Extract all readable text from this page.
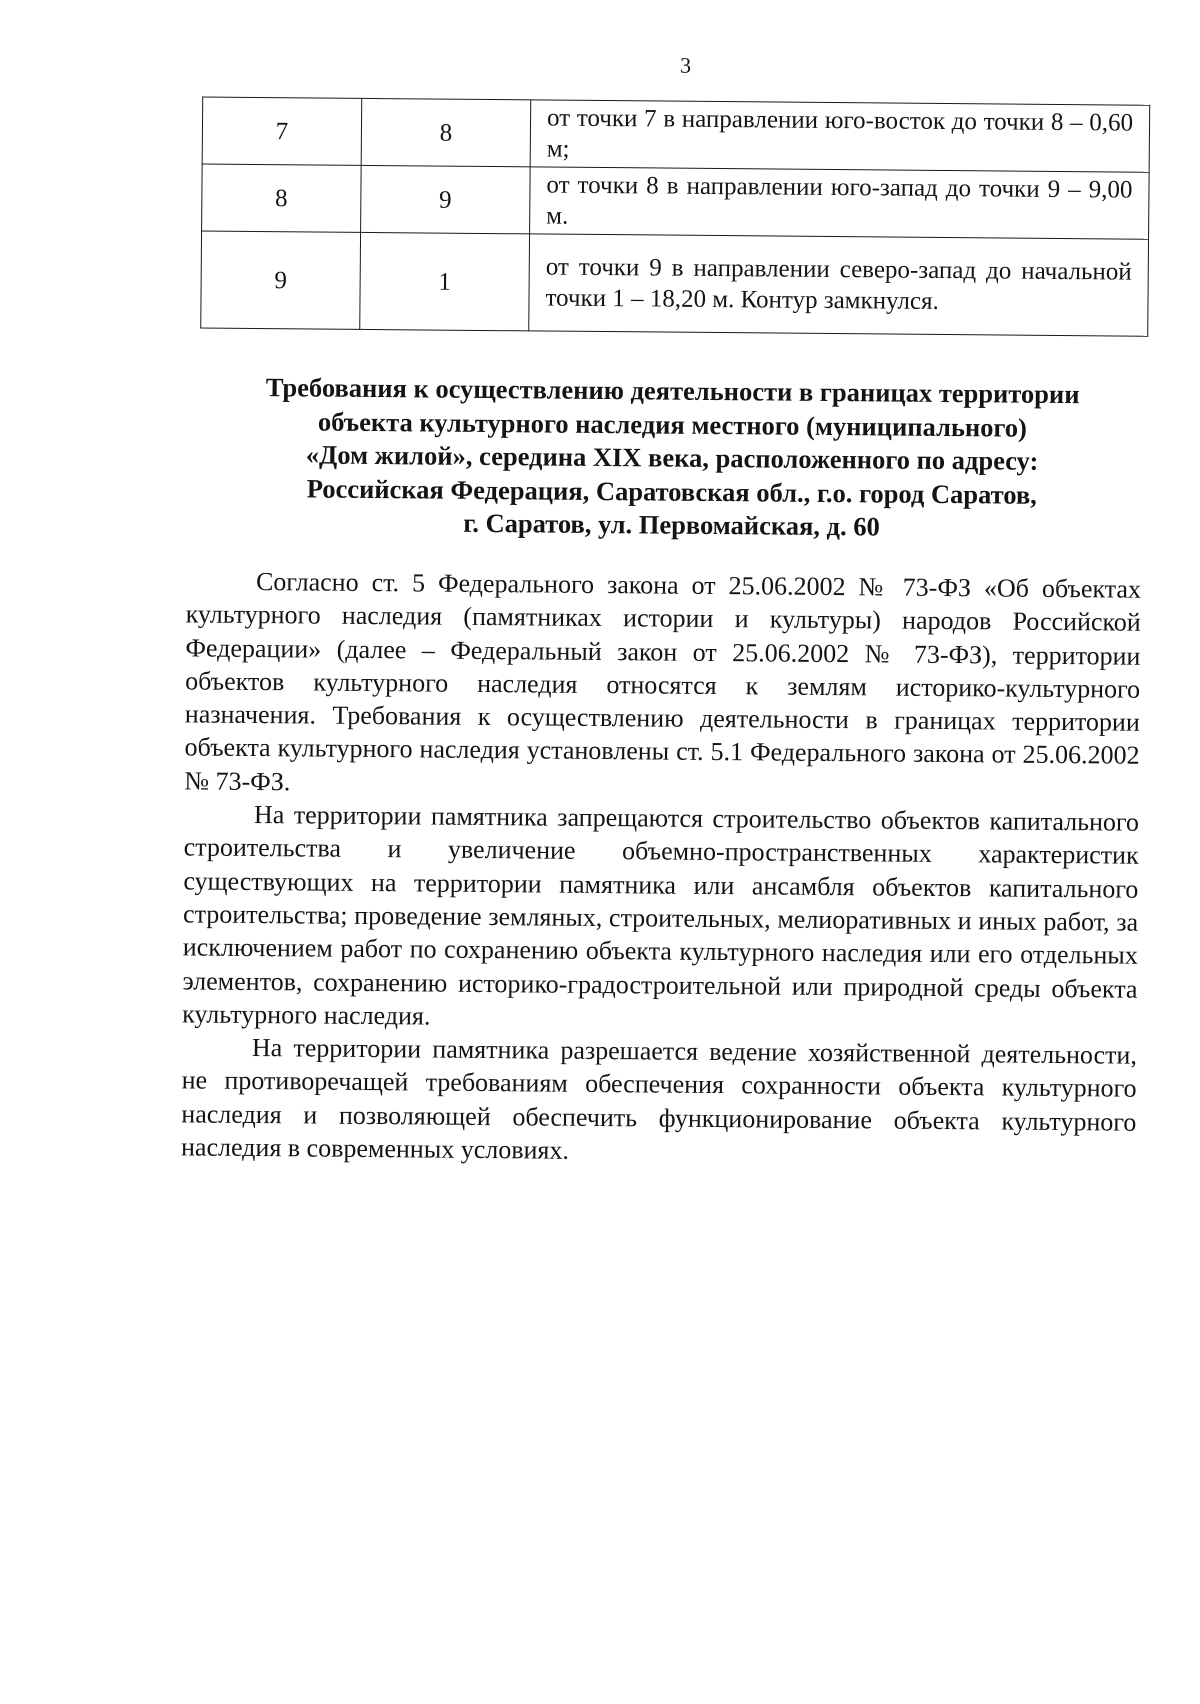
3
7	8	от точки 7 в направлении юго-восток до точки 8 – 0,60 м;
8	9	от точки 8 в направлении юго-запад до точки 9 – 9,00 м.
9	1	от точки 9 в направлении северо-запад до начальной точки 1 – 18,20 м. Контур замкнулся.
Требования к осуществлению деятельности в границах территории
объекта культурного наследия местного (муниципального)
«Дом жилой», середина XIX века, расположенного по адресу:
Российская Федерация, Саратовская обл., г.о. город Саратов,
г. Саратов, ул. Первомайская, д. 60

Согласно ст. 5 Федерального закона от 25.06.2002 № 73-ФЗ «Об объектах культурного наследия (памятниках истории и культуры) народов Российской Федерации» (далее – Федеральный закон от 25.06.2002 № 73-ФЗ), территории объектов культурного наследия относятся к землям историко-культурного назначения. Требования к осуществлению деятельности в границах территории объекта культурного наследия установлены ст. 5.1 Федерального закона от 25.06.2002 № 73-ФЗ.

На территории памятника запрещаются строительство объектов капитального строительства и увеличение объемно-пространственных характеристик существующих на территории памятника или ансамбля объектов капитального строительства; проведение земляных, строительных, мелиоративных и иных работ, за исключением работ по сохранению объекта культурного наследия или его отдельных элементов, сохранению историко-градостроительной или природной среды объекта культурного наследия.

На территории памятника разрешается ведение хозяйственной деятельности, не противоречащей требованиям обеспечения сохранности объекта культурного наследия и позволяющей обеспечить функционирование объекта культурного наследия в современных условиях.
